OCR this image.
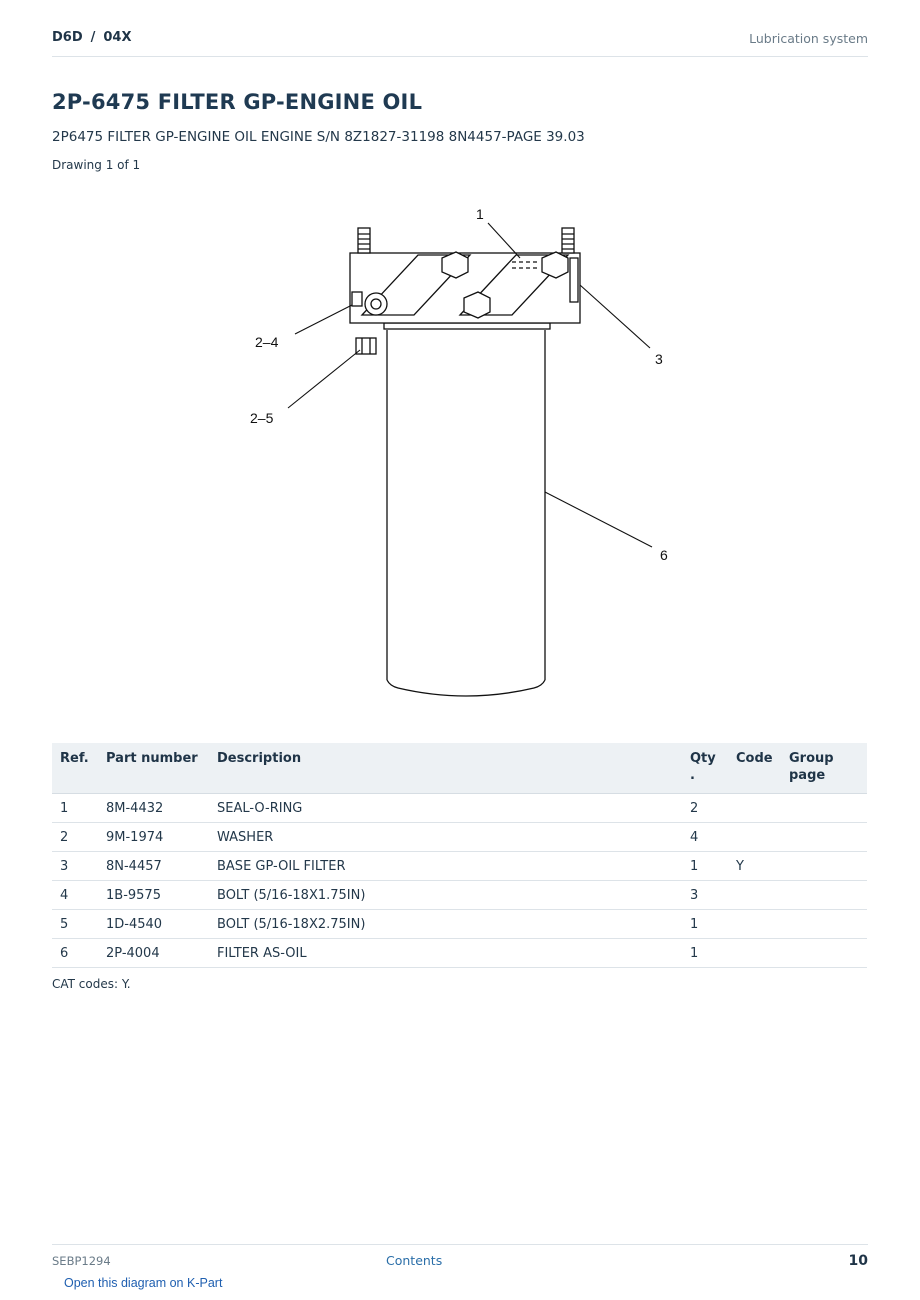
D6D / 04X	Lubrication system
2P-6475 FILTER GP-ENGINE OIL
2P6475 FILTER GP-ENGINE OIL ENGINE S/N 8Z1827-31198 8N4457-PAGE 39.03
Drawing 1 of 1
1
3
2‒4
2‒5
6
Ref.	Part number	Description	Qty .	Code	Group page
1	8M-4432	SEAL-O-RING	2		
2	9M-1974	WASHER	4		
3	8N-4457	BASE GP-OIL FILTER	1	Y	
4	1B-9575	BOLT (5/16-18X1.75IN)	3		
5	1D-4540	BOLT (5/16-18X2.75IN)	1		
6	2P-4004	FILTER AS-OIL	1		
CAT codes: Y.
SEBP1294	Contents	10
Open this diagram on K-Part
